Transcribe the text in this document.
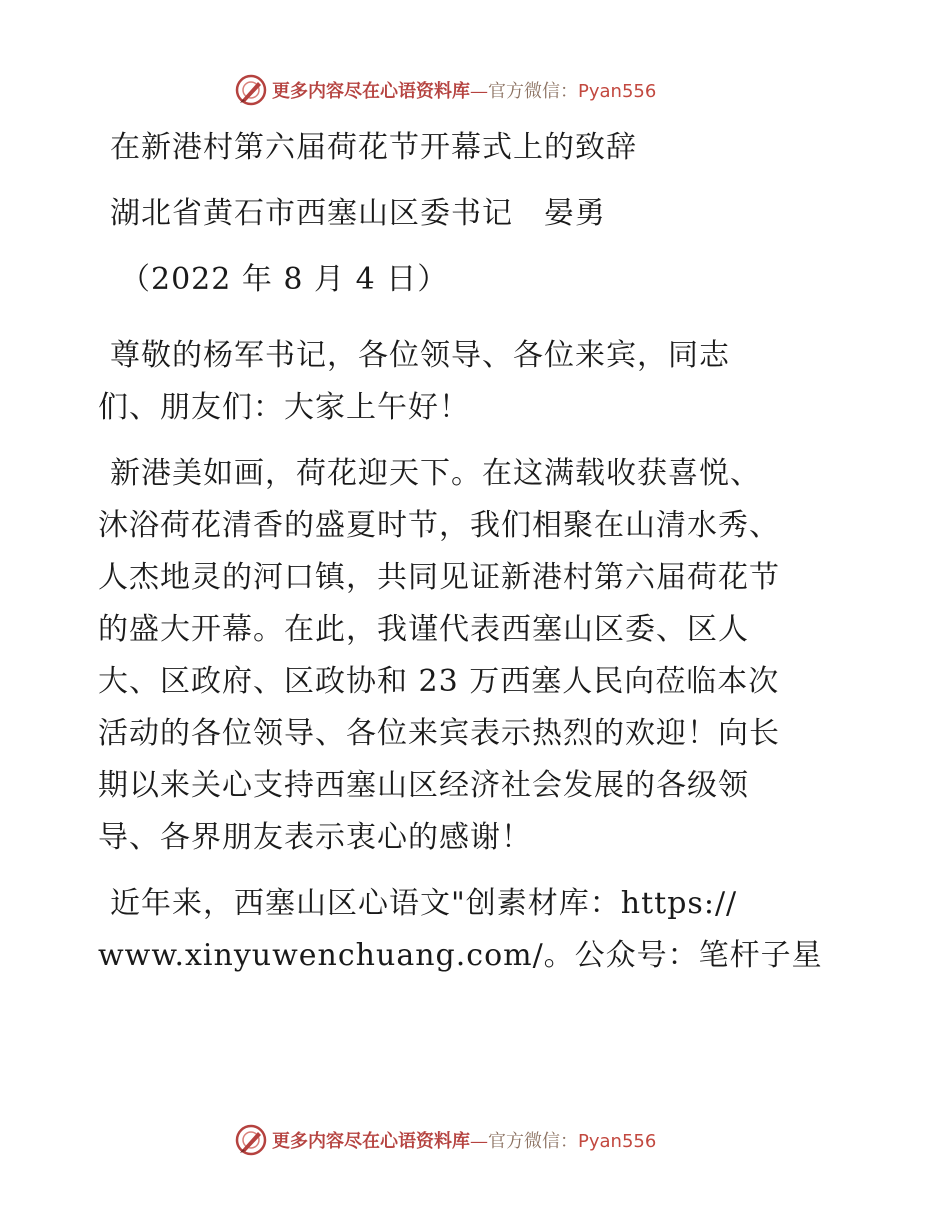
更多内容尽在心语资料库—官方微信：Pyan556
在新港村第六届荷花节开幕式上的致辞
湖北省黄石市西塞山区委书记　晏勇
（2022 年 8 月 4 日）
尊敬的杨军书记，各位领导、各位来宾，同志
们、朋友们：大家上午好！
新港美如画，荷花迎天下。在这满载收获喜悦、
沐浴荷花清香的盛夏时节，我们相聚在山清水秀、
人杰地灵的河口镇，共同见证新港村第六届荷花节
的盛大开幕。在此，我谨代表西塞山区委、区人
大、区政府、区政协和 23 万西塞人民向莅临本次
活动的各位领导、各位来宾表示热烈的欢迎！向长
期以来关心支持西塞山区经济社会发展的各级领
导、各界朋友表示衷心的感谢！
近年来，西塞山区心语文"创素材库：https://
www.xinyuwenchuang.com/。公众号：笔杆子星
更多内容尽在心语资料库—官方微信：Pyan556
